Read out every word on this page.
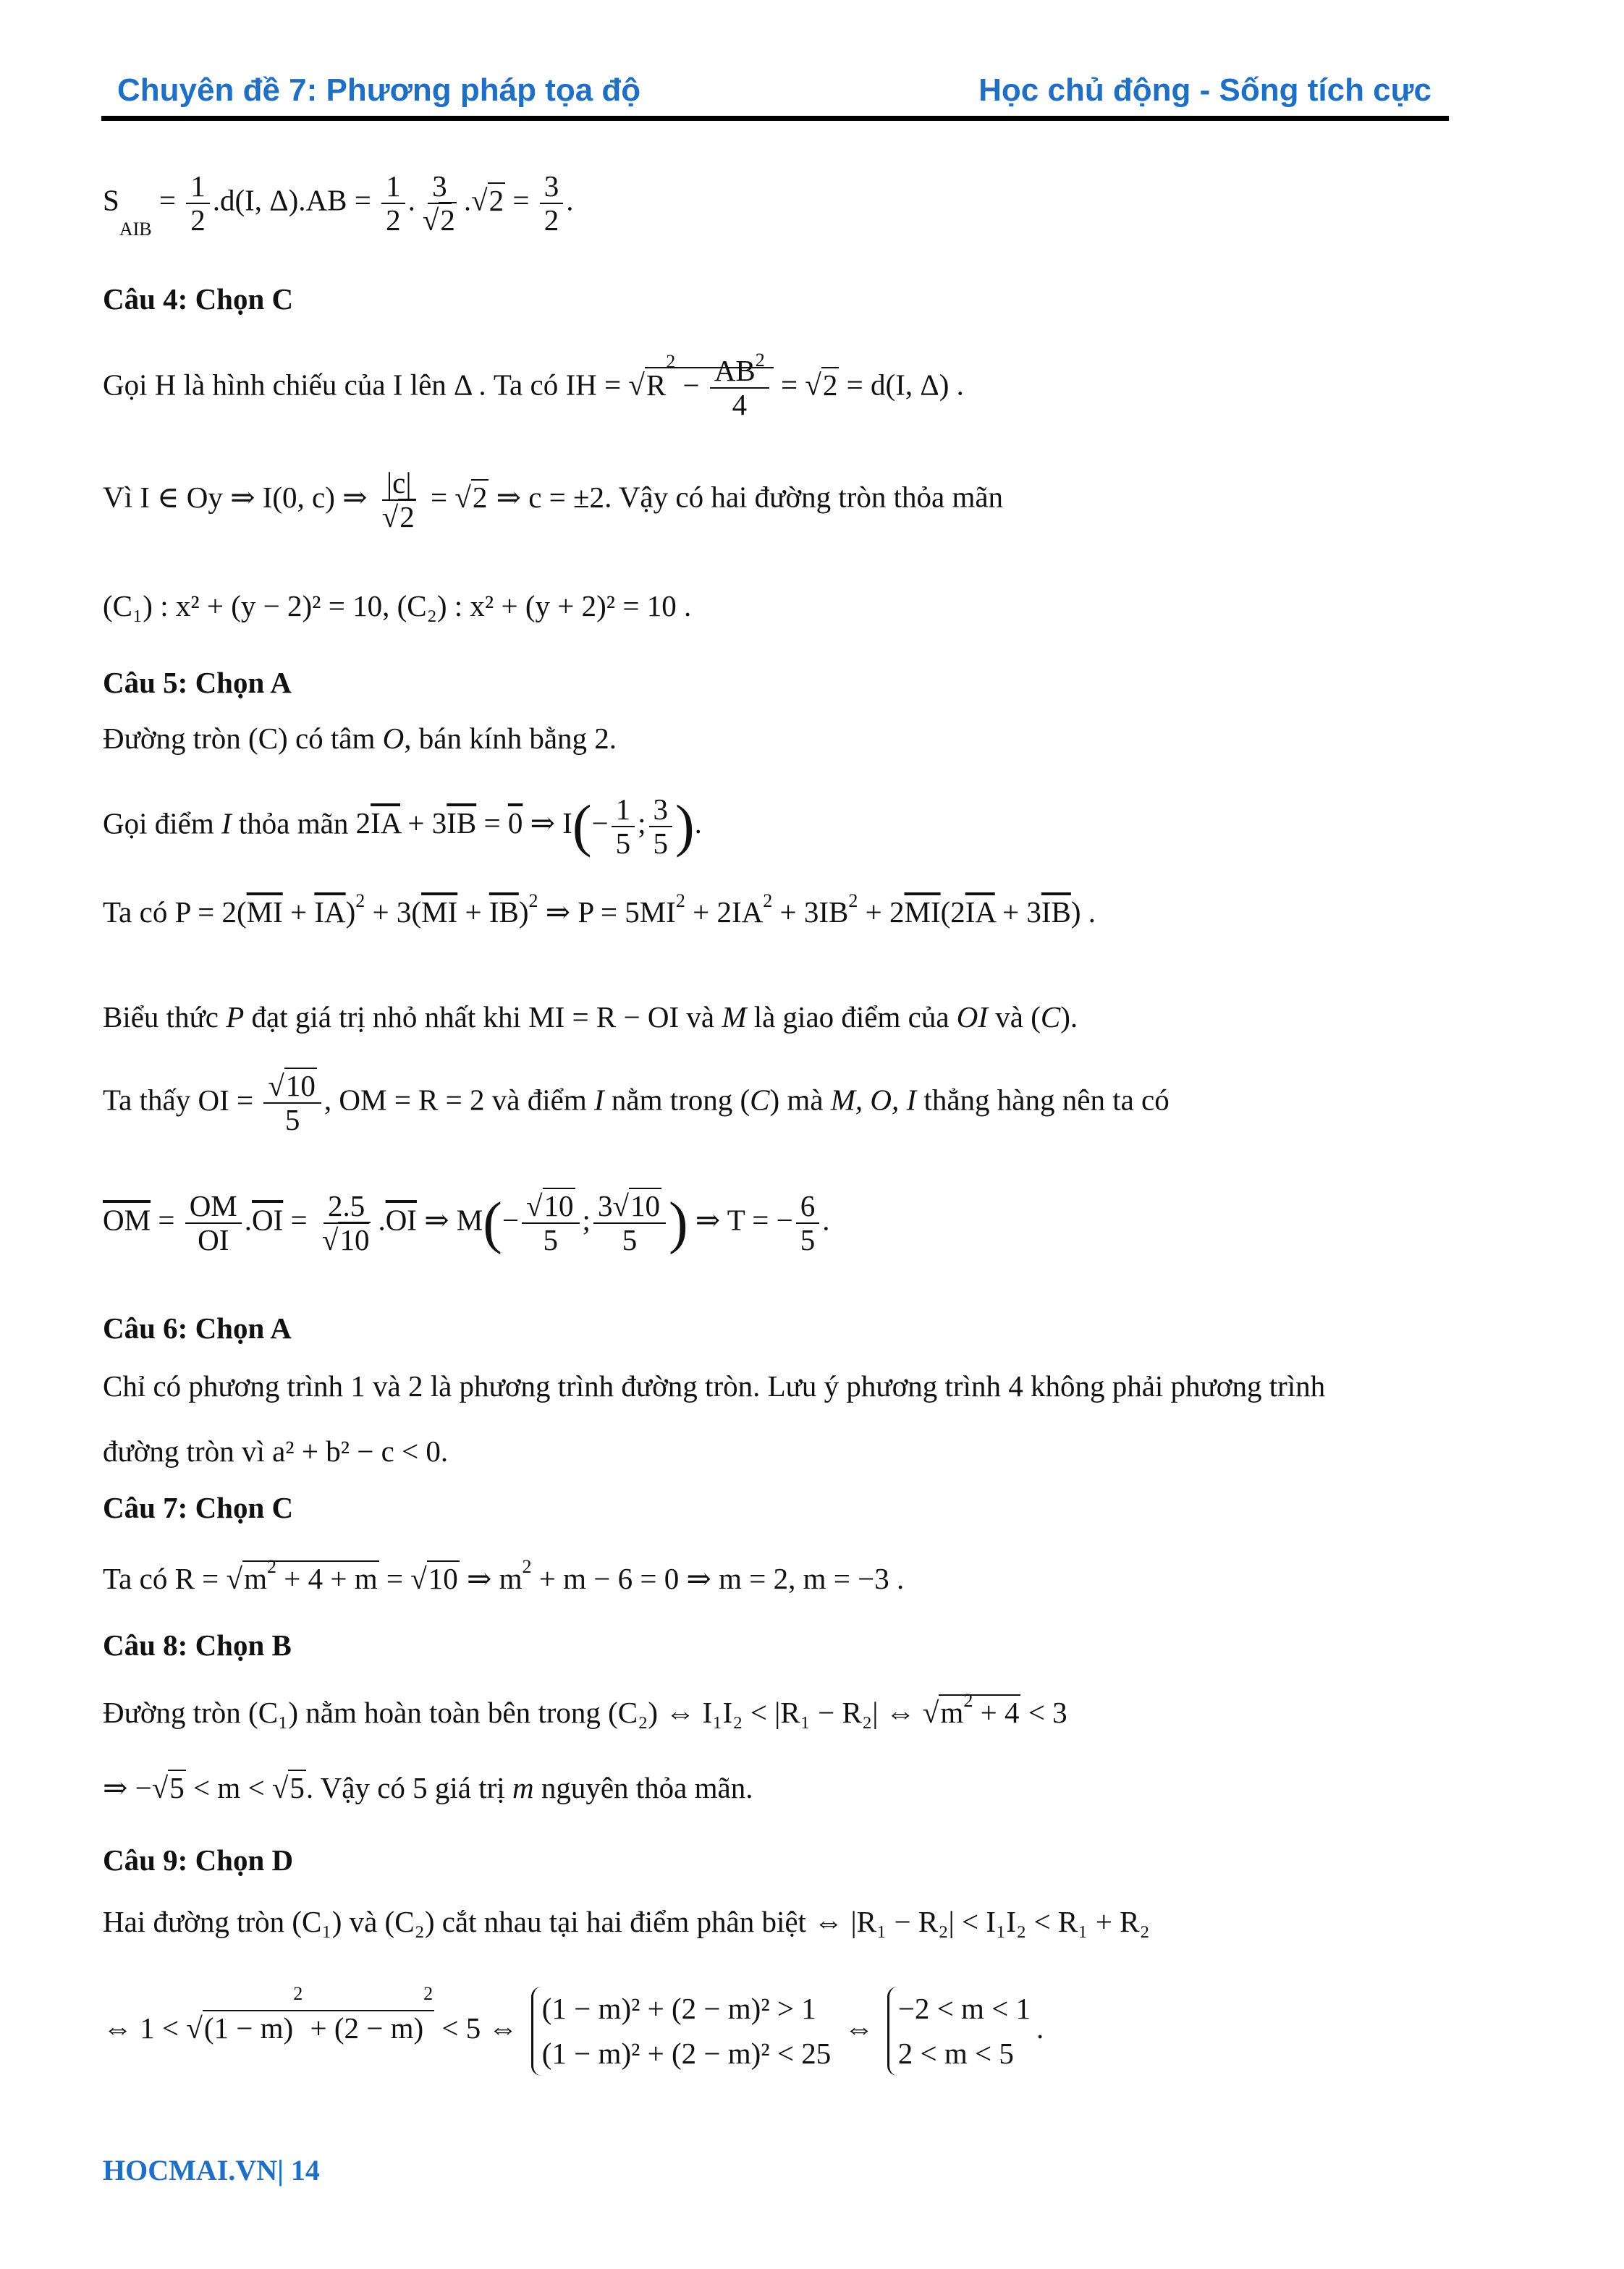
Chuyên đề 7: Phương pháp tọa độ	Học chủ động - Sống tích cực
$S_{AIB} = \frac{1}{2} .d(I$, $\Delta).AB = \frac{1}{2}$ . $\frac{3}{√2} .√2 = \frac{3}{2}$ .
Câu 4: Chọn C
Gọi H là hình chiếu của I lên Δ . Ta có IH = $√R^2 - \frac{AB^2}{4} = √2 = d(I$, Δ) .
Vì I ∈ Oy ⇒ I(0, c) ⇒ $\frac{|c|}{√2} = √2$ ⇒ c = ±2. Vậy có hai đường tròn thỏa mãn
(C₁) : x² + (y − 2)² = 10, (C₂) : x² + (y + 2)² = 10 .
Câu 5: Chọn A
Đường tròn (C) có tâm O, bán kính bằng 2.
Gọi điểm I thỏa mãn $2\overline{IA} + 3\overline{IB} = 0$ ⇒ $I(- \frac{1}{5}$ ; $\frac{3}{5}$ ).
Ta có $P = 2(\overline{MI} + \overline{IA})^2 + 3(\overline{MI} + \overline{IB})^2$ ⇒ $P = 5MI^2 + 2IA^2 + 3IB^2 + 2\overline{MI}(2\overline{IA} + 3\overline{IB})$ .
Biểu thức P đạt giá trị nhỏ nhất khi MI = R − OI và M là giao điểm của OI và (C).
Ta thấy OI = $\frac{√10}{5}$ , OM = R = 2 và điểm I nằm trong (C) mà M, O, I thẳng hàng nên ta có
$\overline{OM} = \frac{OM}{OI} .\overline{OI} = \frac{2.5}{√10} .\overline{OI}$ ⇒ $M(- \frac{√10}{5}$ ; $\frac{3√10}{5}$ ) ⇒ T = − $\frac{6}{5}$ .
Câu 6: Chọn A
Chỉ có phương trình 1 và 2 là phương trình đường tròn. Lưu ý phương trình 4 không phải phương trình
đường tròn vì a² + b² − c < 0.
Câu 7: Chọn C
Ta có $R = √m^2 + 4 + m = √10$ ⇒ $m^2 + m - 6 = 0$ ⇒ m = 2, m = −3 .
Câu 8: Chọn B
Đường tròn (C₁) nằm hoàn toàn bên trong (C₂) ⇔ I₁I₂ < |R₁ − R₂| ⇔ $√m^2 + 4 < 3$
⇒ −√5 < m < √5. Vậy có 5 giá trị m nguyên thỏa mãn.
Câu 9: Chọn D
Hai đường tròn (C₁) và (C₂) cắt nhau tại hai điểm phân biệt ⇔ |R₁ − R₂| < I₁I₂ < R₁ + R₂
⇔ $1 < √(1 - m)^2 + (2 - m)^2 < 5$ ⇔
(1 − m)² + (2 − m)² > 1
(1 − m)² + (2 − m)² < 25
⇔
−2 < m < 1
2 < m < 5
.
HOCMAI.VN| 14
